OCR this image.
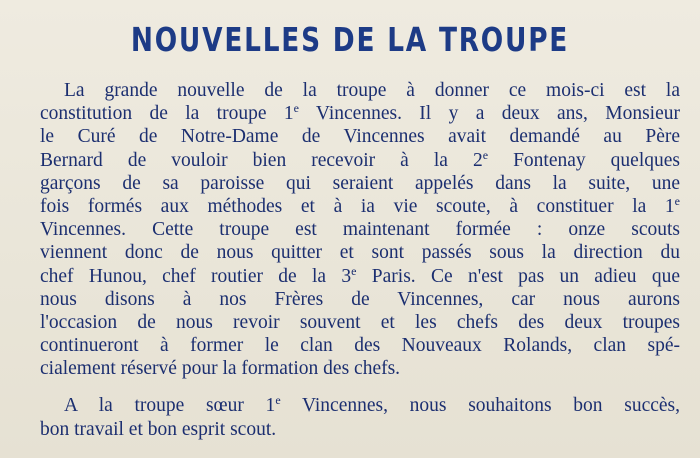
NOUVELLES DE LA TROUPE
La grande nouvelle de la troupe à donner ce mois-ci est la
constitution de la troupe 1e Vincennes. Il y a deux ans, Monsieur
le Curé de Notre-Dame de Vincennes avait demandé au Père
Bernard de vouloir bien recevoir à la 2e Fontenay quelques
garçons de sa paroisse qui seraient appelés dans la suite, une
fois formés aux méthodes et à ia vie scoute, à constituer la 1e
Vincennes. Cette troupe est maintenant formée : onze scouts
viennent donc de nous quitter et sont passés sous la direction du
chef Hunou, chef routier de la 3e Paris. Ce n'est pas un adieu que
nous disons à nos Frères de Vincennes, car nous aurons
l'occasion de nous revoir souvent et les chefs des deux troupes
continueront à former le clan des Nouveaux Rolands, clan spé-
cialement réservé pour la formation des chefs.
A la troupe sœur 1e Vincennes, nous souhaitons bon succès,
bon travail et bon esprit scout.
